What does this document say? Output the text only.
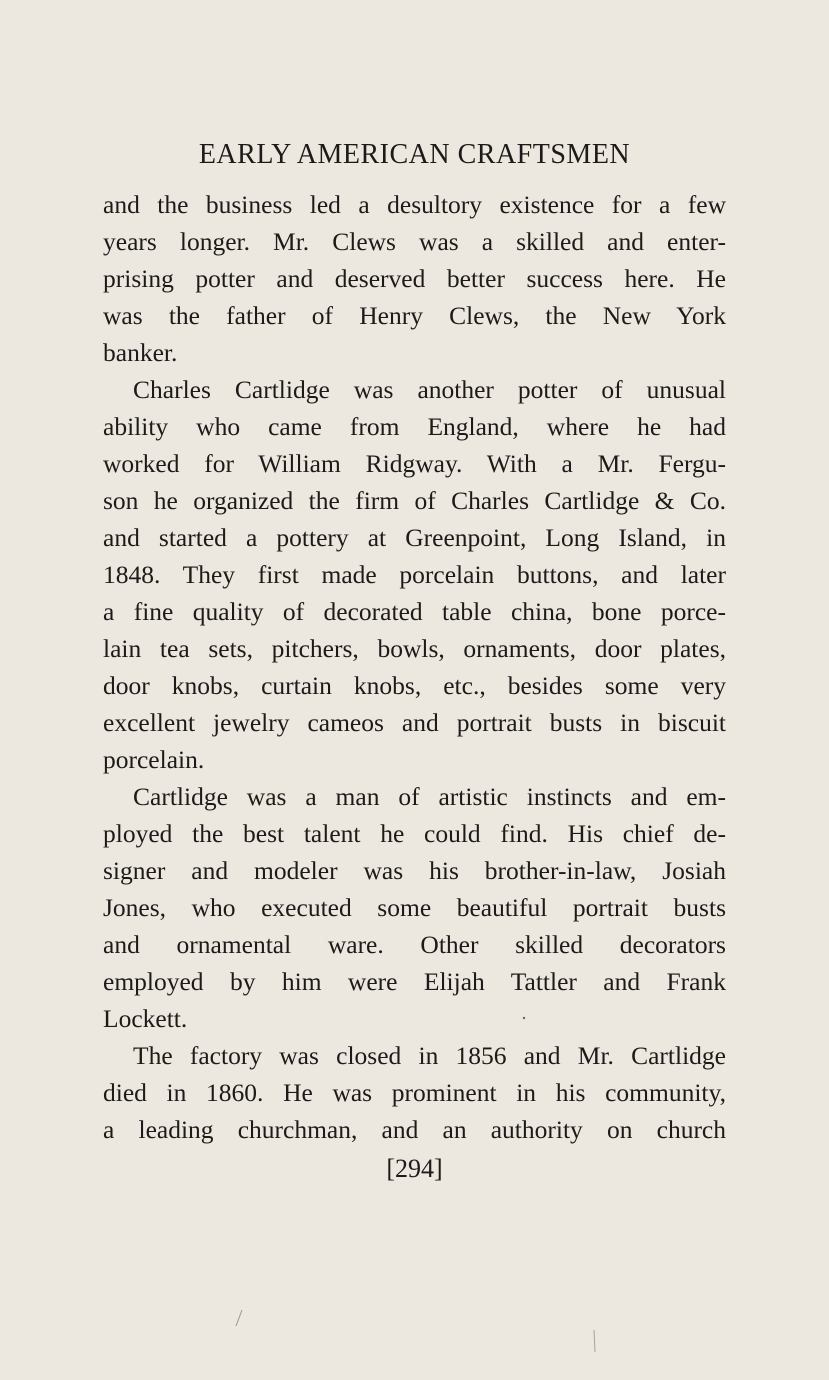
EARLY AMERICAN CRAFTSMEN
and the business led a desultory existence for a few
years longer. Mr. Clews was a skilled and enter-
prising potter and deserved better success here. He
was the father of Henry Clews, the New York
banker.
Charles Cartlidge was another potter of unusual
ability who came from England, where he had
worked for William Ridgway. With a Mr. Fergu-
son he organized the firm of Charles Cartlidge & Co.
and started a pottery at Greenpoint, Long Island, in
1848. They first made porcelain buttons, and later
a fine quality of decorated table china, bone porce-
lain tea sets, pitchers, bowls, ornaments, door plates,
door knobs, curtain knobs, etc., besides some very
excellent jewelry cameos and portrait busts in biscuit
porcelain.
Cartlidge was a man of artistic instincts and em-
ployed the best talent he could find. His chief de-
signer and modeler was his brother-in-law, Josiah
Jones, who executed some beautiful portrait busts
and ornamental ware. Other skilled decorators
employed by him were Elijah Tattler and Frank
Lockett.
The factory was closed in 1856 and Mr. Cartlidge
died in 1860. He was prominent in his community,
a leading churchman, and an authority on church
[294]
